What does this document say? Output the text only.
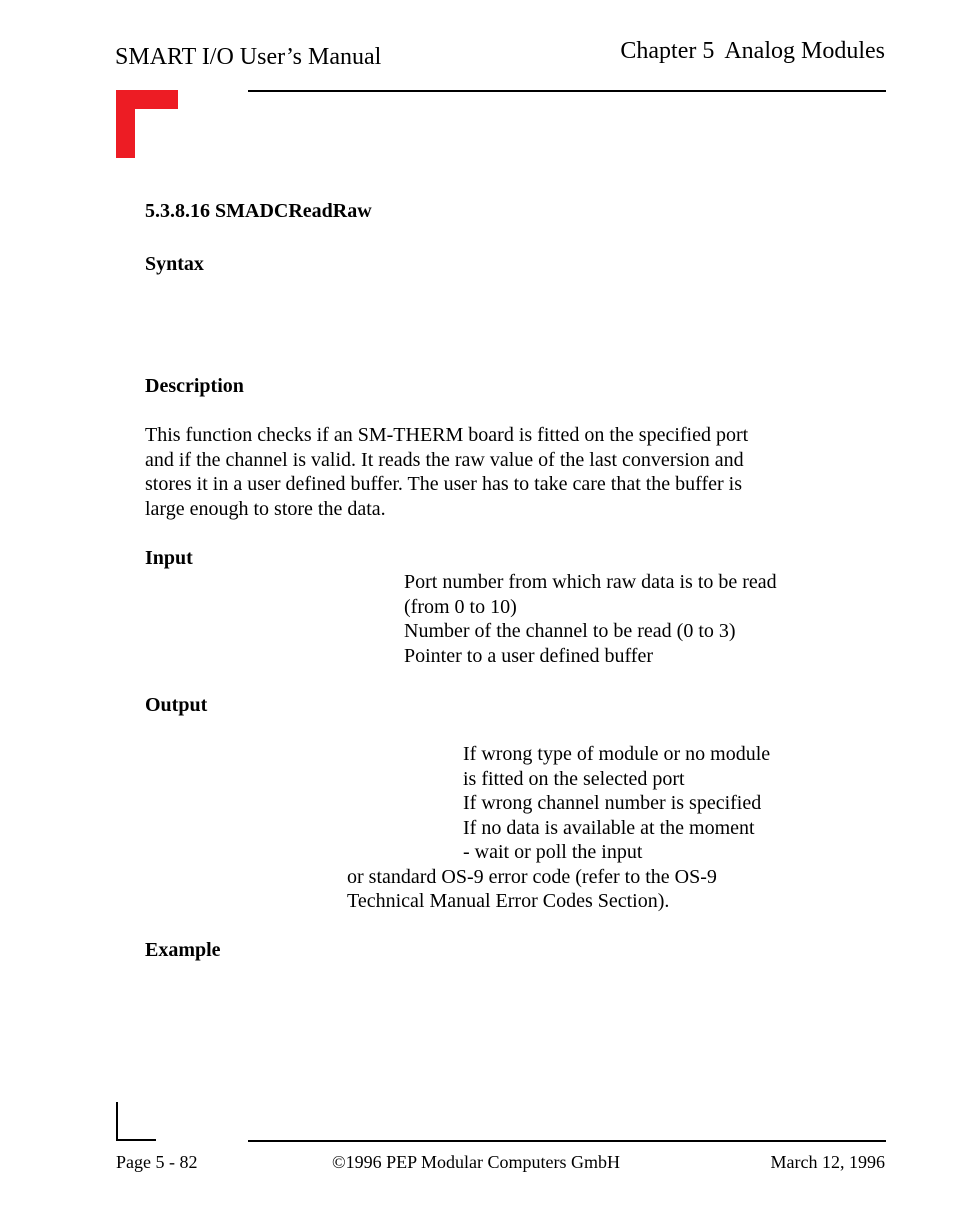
SMART I/O User’s Manual	Chapter 5 Analog Modules
5.3.8.16 SMADCReadRaw
Syntax
Description
This function checks if an SM-THERM board is fitted on the specified port
and if the channel is valid. It reads the raw value of the last conversion and
stores it in a user defined buffer. The user has to take care that the buffer is
large enough to store the data.
Input
Port number from which raw data is to be read
(from 0 to 10)
Number of the channel to be read (0 to 3)
Pointer to a user defined buffer
Output
If wrong type of module or no module
is fitted on the selected port
If wrong channel number is specified
If no data is available at the moment
- wait or poll the input
or standard OS-9 error code (refer to the OS-9
Technical Manual Error Codes Section).
Example
Page 5 - 82	©1996 PEP Modular Computers GmbH	March 12, 1996
